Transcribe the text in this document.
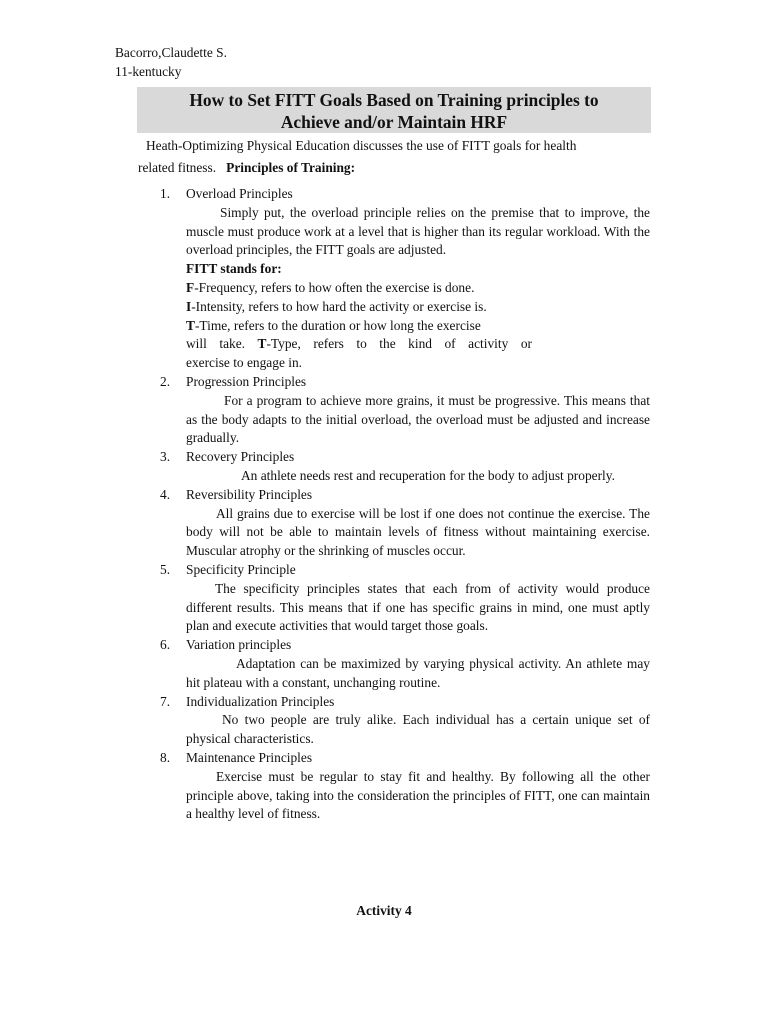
Bacorro,Claudette S.
11-kentucky
How to Set FITT Goals Based on Training principles to
Achieve and/or Maintain HRF
Heath-Optimizing Physical Education discusses the use of FITT goals for health
related fitness. Principles of Training:
1. Overload Principles
Simply put, the overload principle relies on the premise that to improve, the muscle must produce work at a level that is higher than its regular workload. With the overload principles, the FITT goals are adjusted.
FITT stands for:
F-Frequency, refers to how often the exercise is done.
I-Intensity, refers to how hard the activity or exercise is.
T-Time, refers to the duration or how long the exercise
will take. T-Type, refers to the kind of activity or
exercise to engage in.
2. Progression Principles
For a program to achieve more grains, it must be progressive. This means that as the body adapts to the initial overload, the overload must be adjusted and increase gradually.
3. Recovery Principles
An athlete needs rest and recuperation for the body to adjust properly.
4. Reversibility Principles
All grains due to exercise will be lost if one does not continue the exercise. The body will not be able to maintain levels of fitness without maintaining exercise. Muscular atrophy or the shrinking of muscles occur.
5. Specificity Principle
The specificity principles states that each from of activity would produce different results. This means that if one has specific grains in mind, one must aptly plan and execute activities that would target those goals.
6. Variation principles
Adaptation can be maximized by varying physical activity. An athlete may hit plateau with a constant, unchanging routine.
7. Individualization Principles
No two people are truly alike. Each individual has a certain unique set of physical characteristics.
8. Maintenance Principles
Exercise must be regular to stay fit and healthy. By following all the other principle above, taking into the consideration the principles of FITT, one can maintain a healthy level of fitness.
Activity 4
